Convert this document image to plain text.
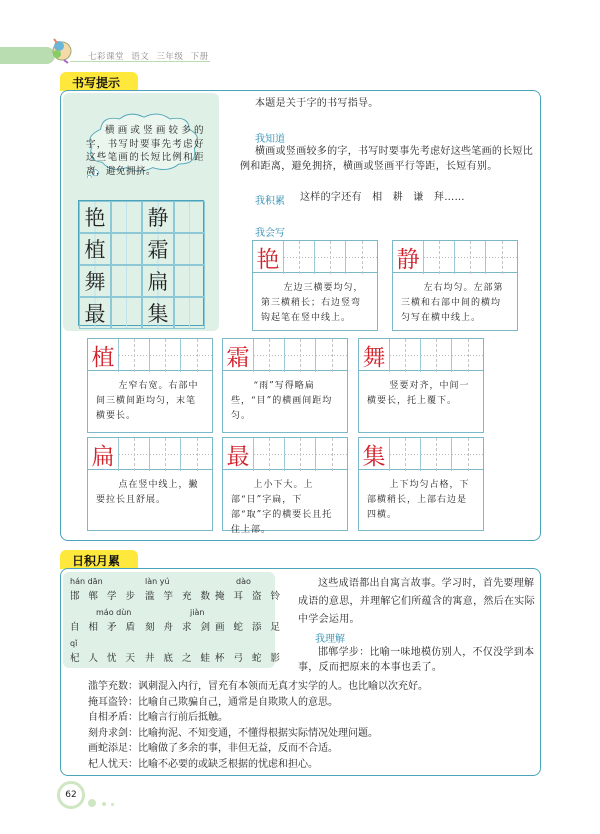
七彩课堂 语文 三年级 下册
书写提示
横画或竖画较多的字，书写时要事先考虑好这些笔画的长短比例和距离，避免拥挤。
艳 静
植 霜
舞 扁
最 集
本题是关于字的书写指导。
我知道
横画或竖画较多的字，书写时要事先考虑好这些笔画的长短比例和距离，避免拥挤，横画或竖画平行等距，长短有别。
我积累 这样的字还有　相　耕　谦　拜……
我会写
艳
左边三横要均匀，第三横稍长；右边竖弯钩起笔在竖中线上。
静
左右均匀。左部第三横和右部中间的横均匀写在横中线上。
植
左窄右宽。右部中间三横间距均匀，末笔横要长。
霜
“雨”写得略扁些，“目”的横画间距均匀。
舞
竖要对齐，中间一横要长，托上覆下。
扁
点在竖中线上，撇要拉长且舒展。
最
上小下大。上部“日”字扁，下部“取”字的横要长且托住上部。
集
上下均匀占格，下部横稍长，上部右边是四横。
日积月累
hán dān	làn yú	dào
邯 郸 学 步 滥 竽 充 数 掩 耳 盗 铃
máo dùn	jiàn
自 相 矛 盾 刻 舟 求 剑 画 蛇 添 足
qǐ
杞 人 忧 天 井 底 之 蛙 杯 弓 蛇 影
这些成语都出自寓言故事。学习时，首先要理解成语的意思，并理解它们所蕴含的寓意，然后在实际中学会运用。
我理解
邯郸学步：比喻一味地模仿别人，不仅没学到本事，反而把原来的本事也丢了。
滥竽充数：讽刺混入内行，冒充有本领而无真才实学的人。也比喻以次充好。
掩耳盗铃：比喻自己欺骗自己，通常是自欺欺人的意思。
自相矛盾：比喻言行前后抵触。
刻舟求剑：比喻拘泥、不知变通，不懂得根据实际情况处理问题。
画蛇添足：比喻做了多余的事，非但无益，反而不合适。
杞人忧天：比喻不必要的或缺乏根据的忧虑和担心。
62
